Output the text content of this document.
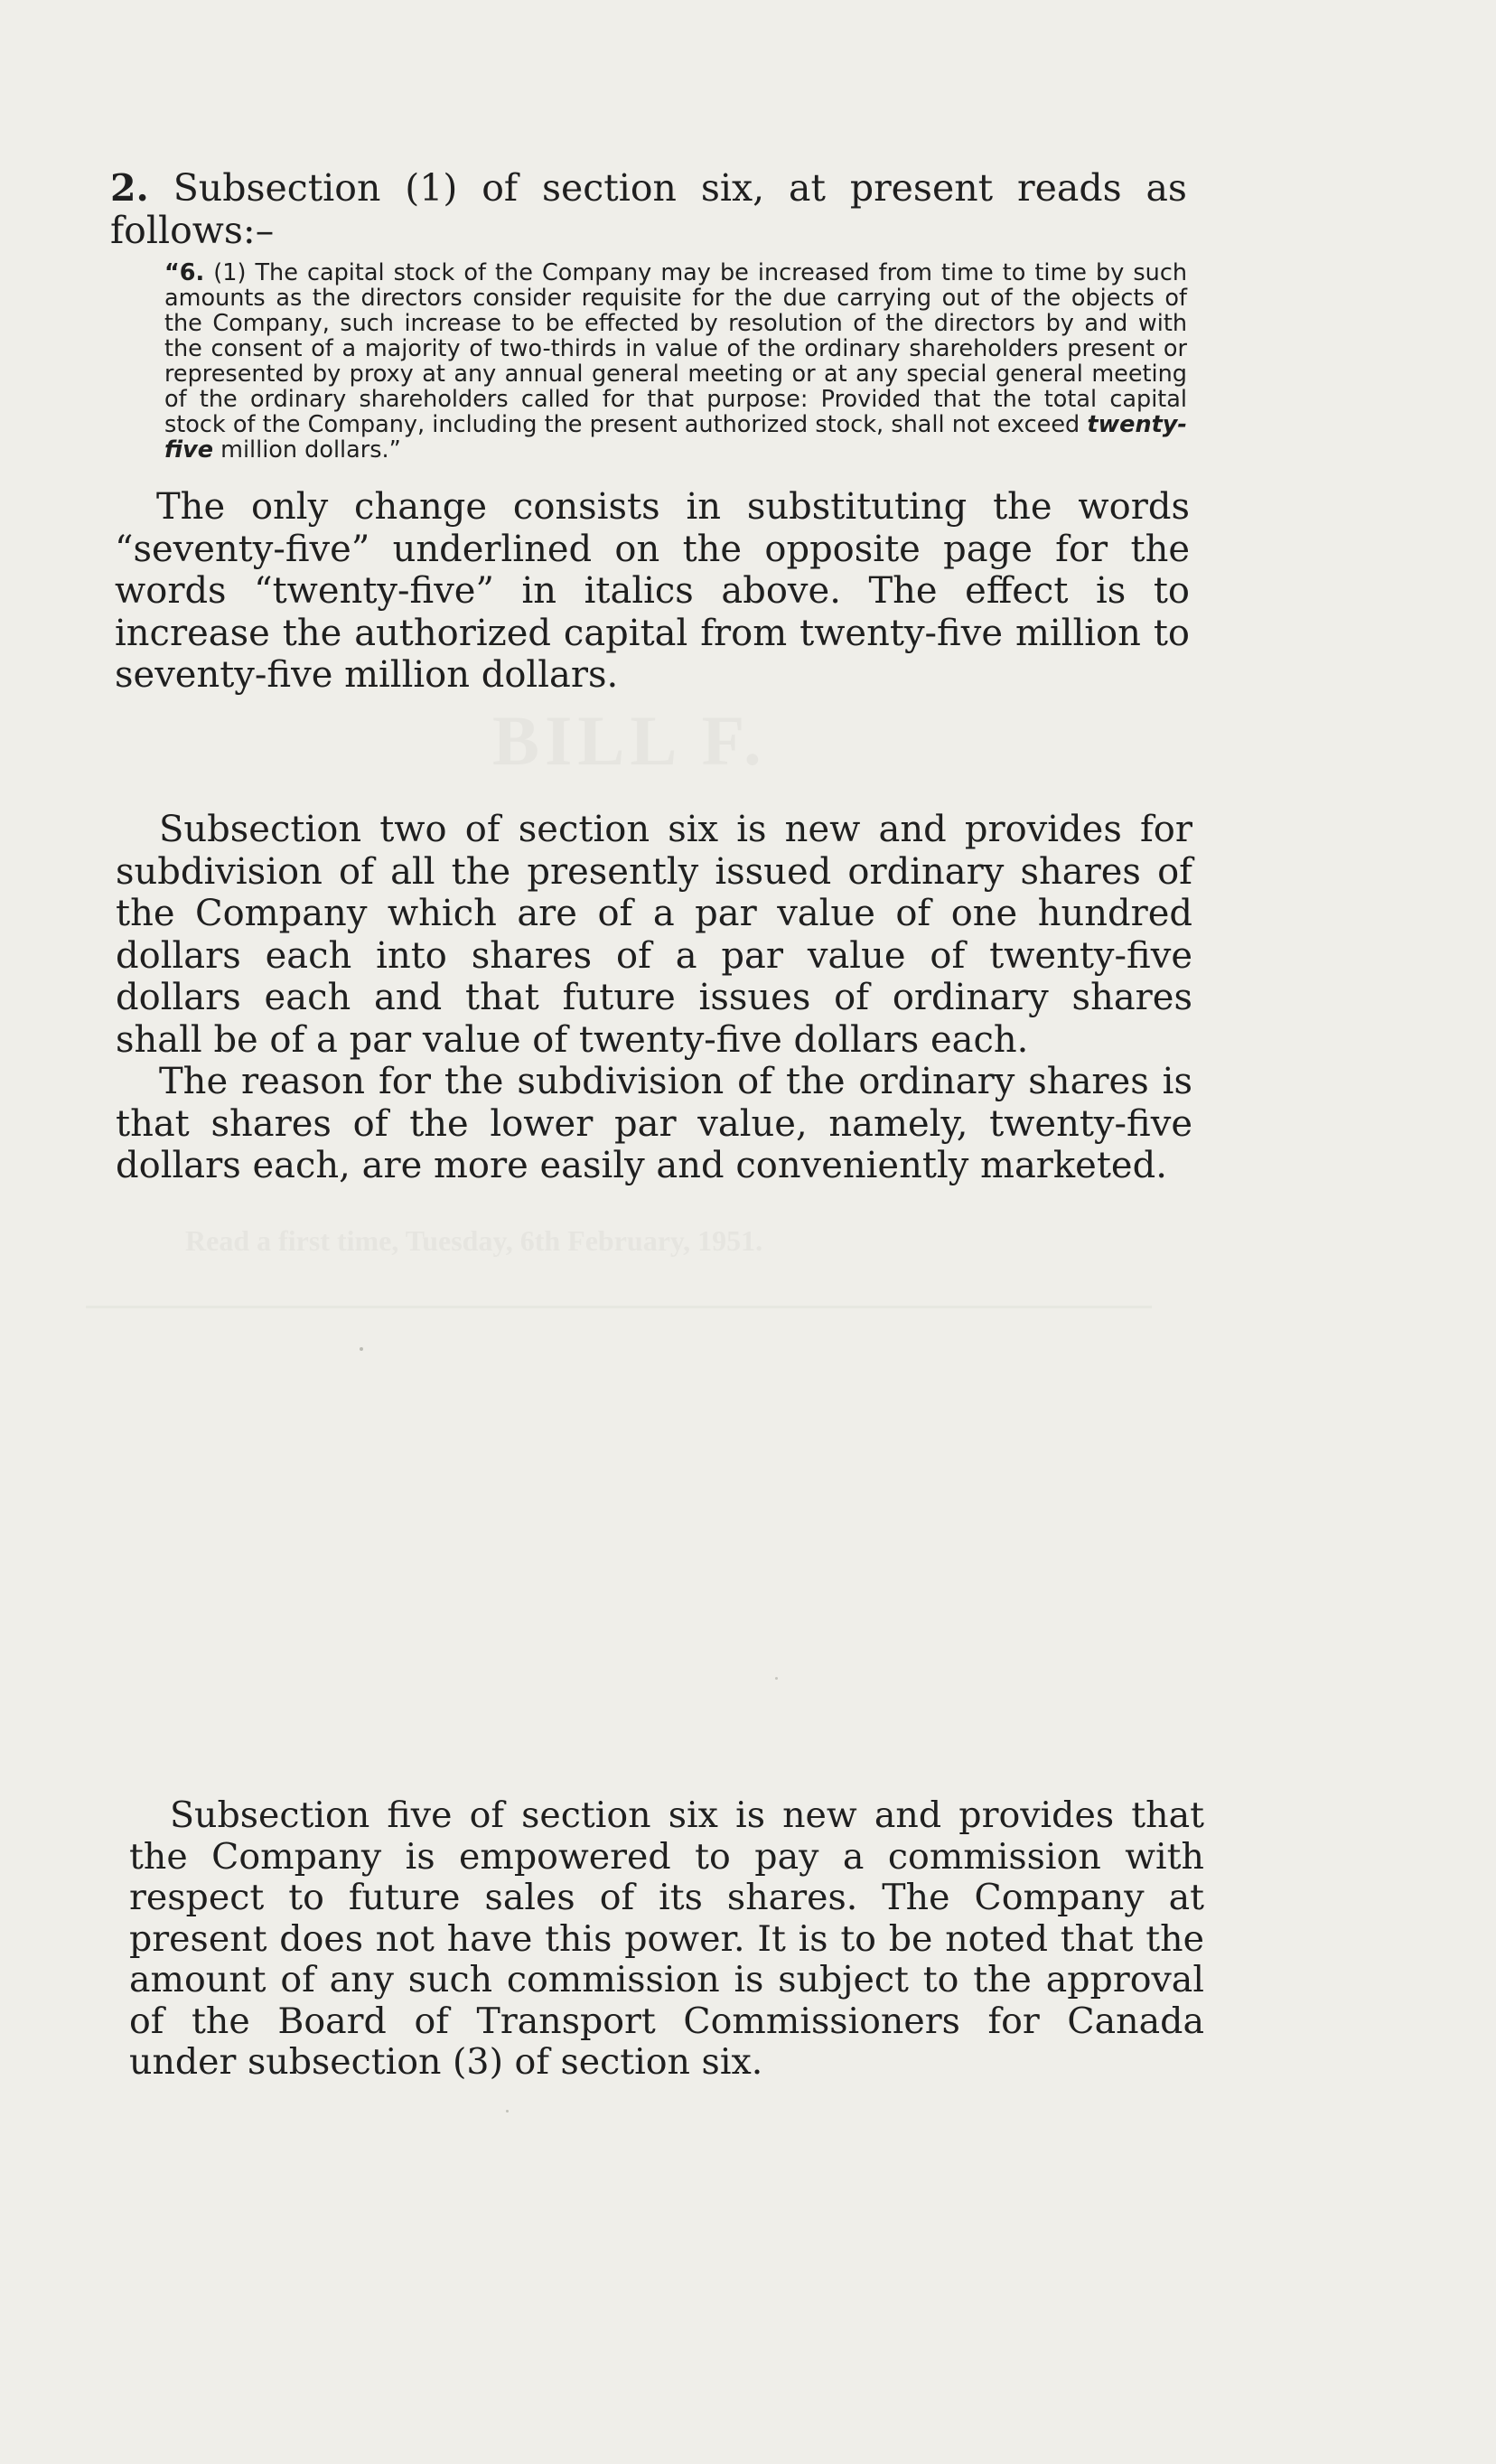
BILL F.
Read a first time, Tuesday, 6th February, 1951.

2. Subsection (1) of section six, at present reads as follows:–

“6. (1) The capital stock of the Company may be increased from time to time by such amounts as the directors consider requisite for the due carrying out of the objects of the Company, such increase to be effected by resolution of the directors by and with the consent of a majority of two-thirds in value of the ordinary shareholders present or represented by proxy at any annual general meeting or at any special general meeting of the ordinary shareholders called for that purpose: Provided that the total capital stock of the Company, including the present authorized stock, shall not exceed twenty-five million dollars.”

The only change consists in substituting the words “seventy-five” underlined on the opposite page for the words “twenty-five” in italics above. The effect is to increase the authorized capital from twenty-five million to seventy-five million dollars.

Subsection two of section six is new and provides for subdivision of all the presently issued ordinary shares of the Company which are of a par value of one hundred dollars each into shares of a par value of twenty-five dollars each and that future issues of ordinary shares shall be of a par value of twenty-five dollars each.

The reason for the subdivision of the ordinary shares is that shares of the lower par value, namely, twenty-five dollars each, are more easily and conveniently marketed.

Subsection five of section six is new and provides that the Company is empowered to pay a commission with respect to future sales of its shares. The Company at present does not have this power. It is to be noted that the amount of any such commission is subject to the approval of the Board of Transport Commissioners for Canada under subsection (3) of section six.
